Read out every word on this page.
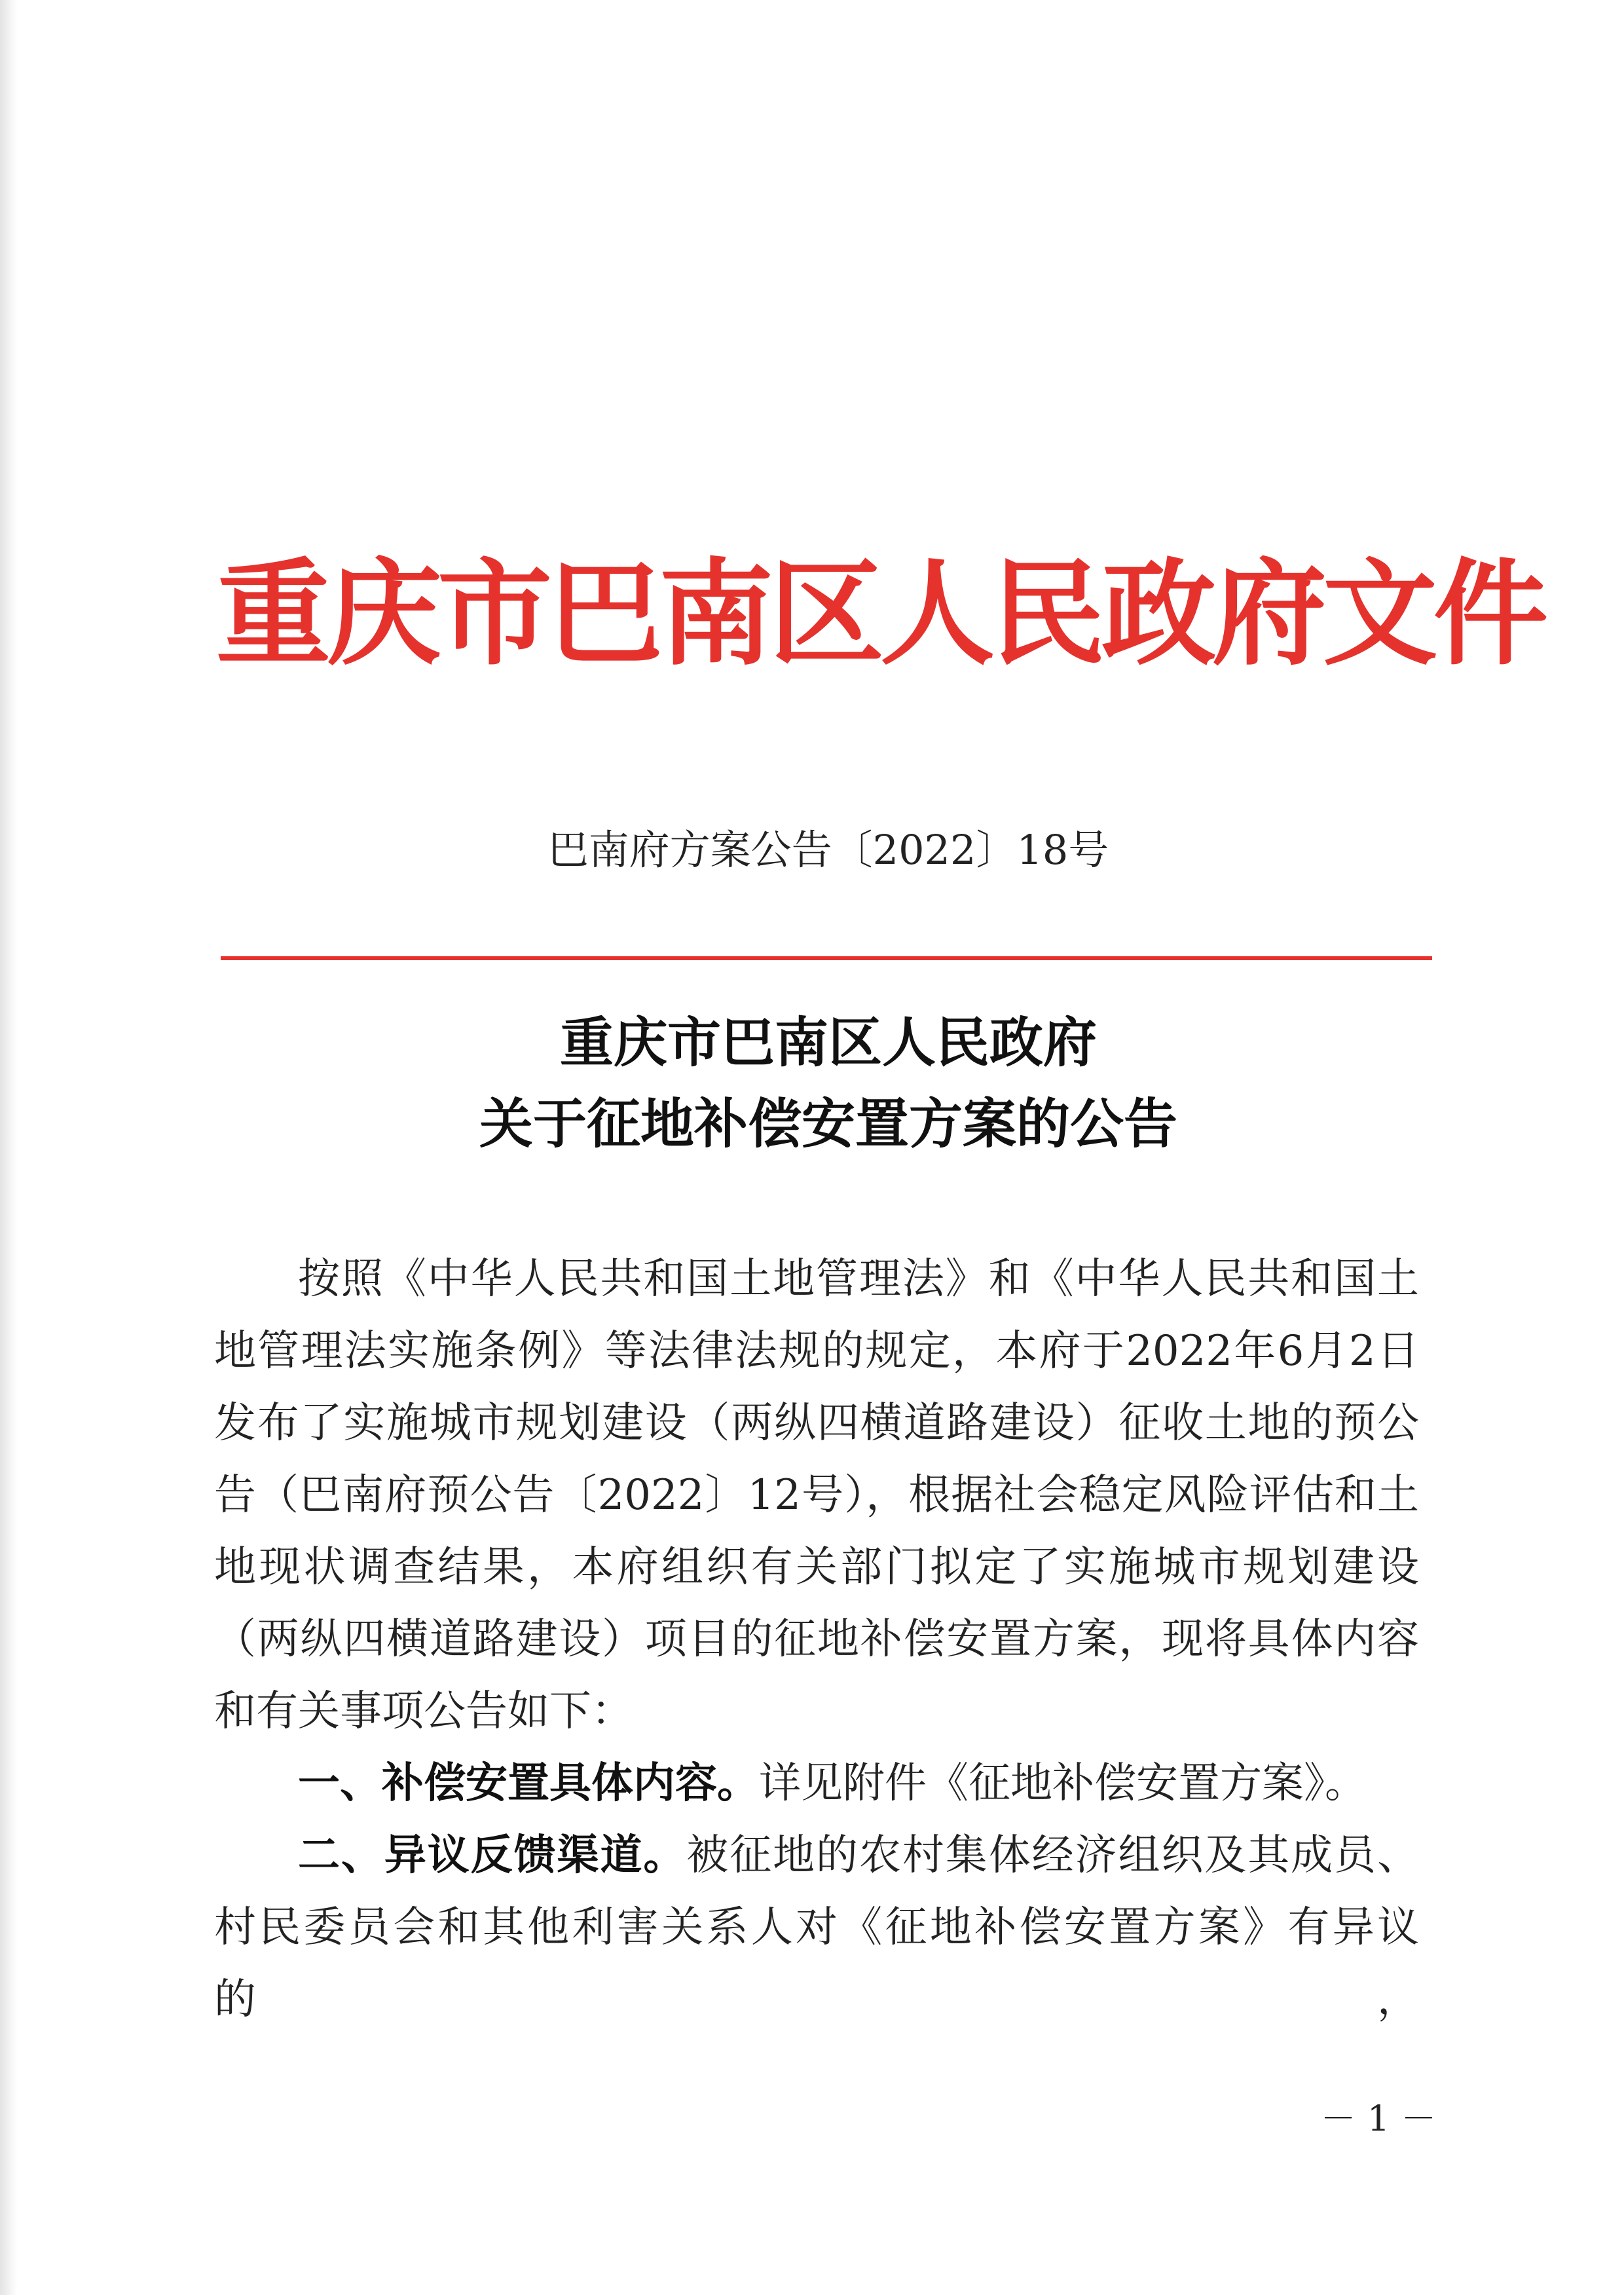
重庆市巴南区人民政府文件
巴南府方案公告〔2022〕18号
重庆市巴南区人民政府
关于征地补偿安置方案的公告

按照《中华人民共和国土地管理法》和《中华人民共和国土地管理法实施条例》等法律法规的规定，本府于2022年6月2日发布了实施城市规划建设（两纵四横道路建设）征收土地的预公告（巴南府预公告〔2022〕12号），根据社会稳定风险评估和土地现状调查结果，本府组织有关部门拟定了实施城市规划建设（两纵四横道路建设）项目的征地补偿安置方案，现将具体内容和有关事项公告如下：

一、补偿安置具体内容。详见附件《征地补偿安置方案》。

二、异议反馈渠道。被征地的农村集体经济组织及其成员、村民委员会和其他利害关系人对《征地补偿安置方案》有异议的，

－ 1 －
